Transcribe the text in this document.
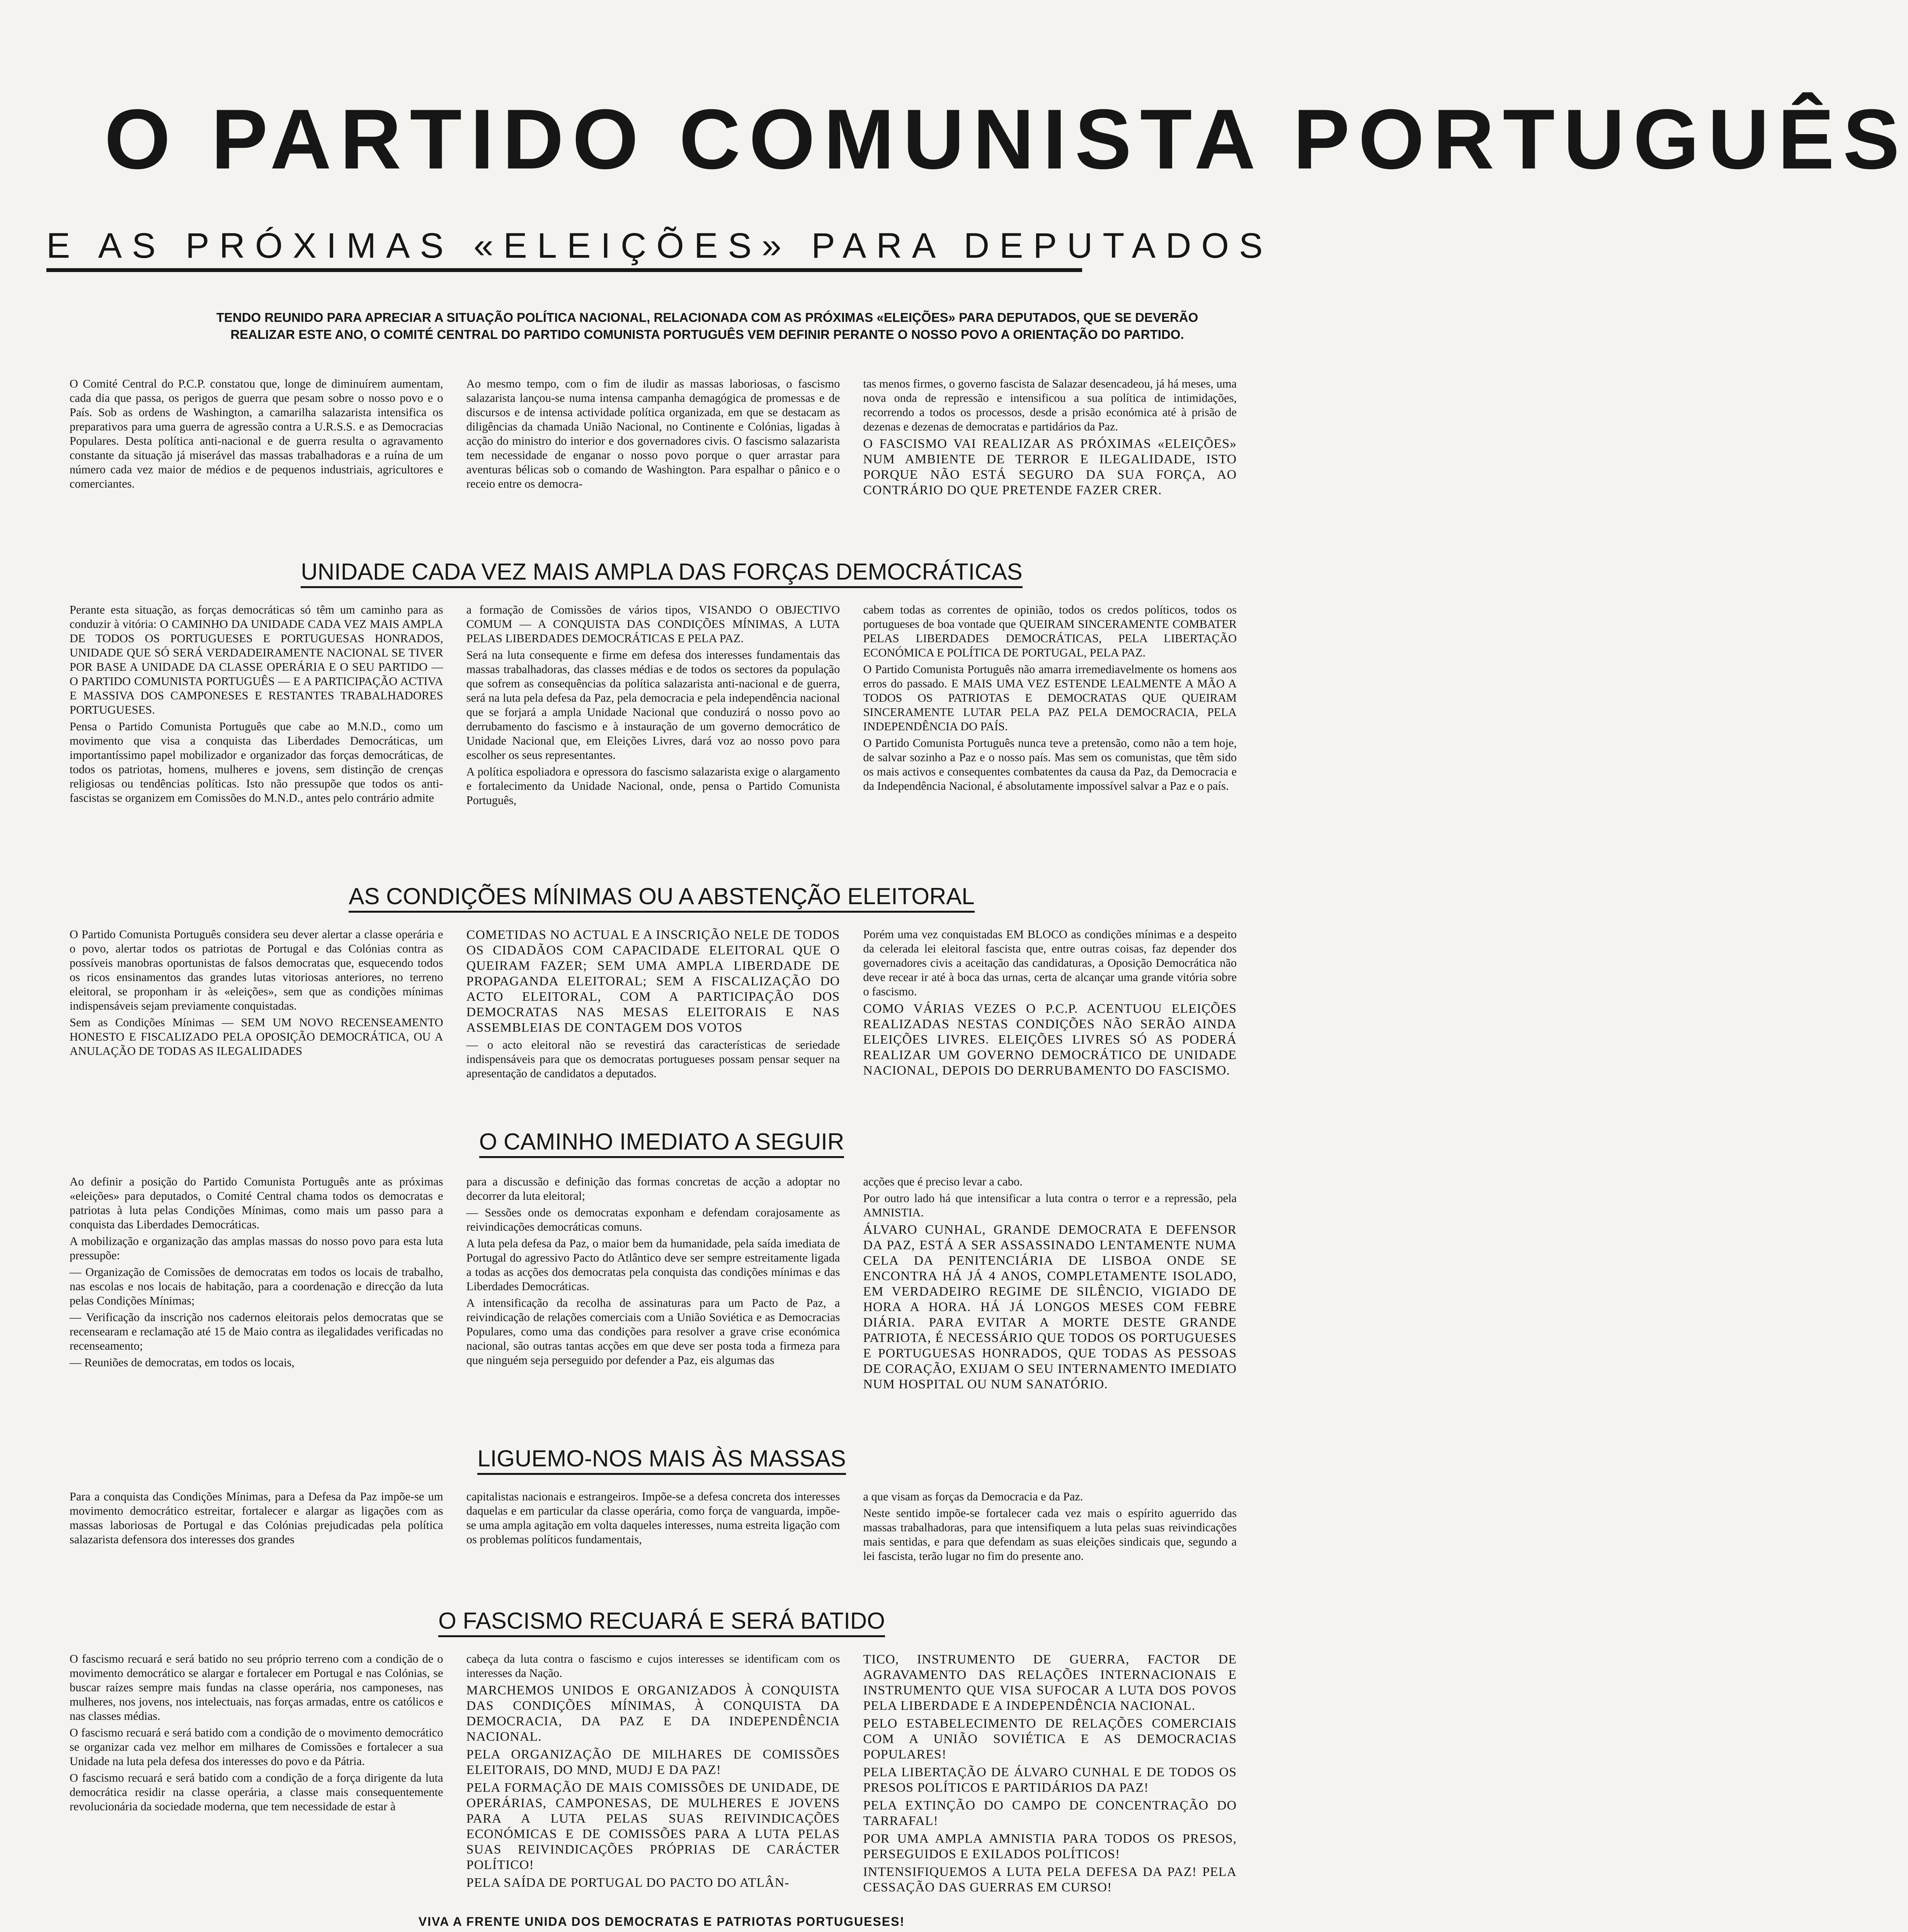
O PARTIDO COMUNISTA PORTUGUÊS
E AS PRÓXIMAS «ELEIÇÕES» PARA DEPUTADOS
TENDO REUNIDO PARA APRECIAR A SITUAÇÃO POLÍTICA NACIONAL, RELACIONADA COM AS PRÓXIMAS «ELEIÇÕES» PARA DEPUTADOS, QUE SE DEVERÃO REALIZAR ESTE ANO, O COMITÉ CENTRAL DO PARTIDO COMUNISTA PORTUGUÊS VEM DEFINIR PERANTE O NOSSO POVO A ORIENTAÇÃO DO PARTIDO.

O Comité Central do P.C.P. constatou que, longe de diminuírem aumentam, cada dia que passa, os perigos de guerra que pesam sobre o nosso povo e o País. Sob as ordens de Washington, a camarilha salazarista intensifica os preparativos para uma guerra de agressão contra a U.R.S.S. e as Democracias Populares. Desta política anti-nacional e de guerra resulta o agravamento constante da situação já miserável das massas trabalhadoras e a ruína de um número cada vez maior de médios e de pequenos industriais, agricultores e comerciantes.

Ao mesmo tempo, com o fim de iludir as massas laboriosas, o fascismo salazarista lançou-se numa intensa campanha demagógica de promessas e de discursos e de intensa actividade política organizada, em que se destacam as diligências da chamada União Nacional, no Continente e Colónias, ligadas à acção do ministro do interior e dos governadores civis. O fascismo salazarista tem necessidade de enganar o nosso povo porque o quer arrastar para aventuras bélicas sob o comando de Washington. Para espalhar o pânico e o receio entre os democra-

tas menos firmes, o governo fascista de Salazar desencadeou, já há meses, uma nova onda de repressão e intensificou a sua política de intimidações, recorrendo a todos os processos, desde a prisão económica até à prisão de dezenas e dezenas de democratas e partidários da Paz.

O FASCISMO VAI REALIZAR AS PRÓXIMAS «ELEIÇÕES» NUM AMBIENTE DE TERROR E ILEGALIDADE, ISTO PORQUE NÃO ESTÁ SEGURO DA SUA FORÇA, AO CONTRÁRIO DO QUE PRETENDE FAZER CRER.

UNIDADE CADA VEZ MAIS AMPLA DAS FORÇAS DEMOCRÁTICAS

Perante esta situação, as forças democráticas só têm um caminho para as conduzir à vitória: O CAMINHO DA UNIDADE CADA VEZ MAIS AMPLA DE TODOS OS PORTUGUESES E PORTUGUESAS HONRADOS, UNIDADE QUE SÓ SERÁ VERDADEIRAMENTE NACIONAL SE TIVER POR BASE A UNIDADE DA CLASSE OPERÁRIA E O SEU PARTIDO — O PARTIDO COMUNISTA PORTUGUÊS — E A PARTICIPAÇÃO ACTIVA E MASSIVA DOS CAMPONESES E RESTANTES TRABALHADORES PORTUGUESES.

Pensa o Partido Comunista Português que cabe ao M.N.D., como um movimento que visa a conquista das Liberdades Democráticas, um importantíssimo papel mobilizador e organizador das forças democráticas, de todos os patriotas, homens, mulheres e jovens, sem distinção de crenças religiosas ou tendências políticas. Isto não pressupõe que todos os anti-fascistas se organizem em Comissões do M.N.D., antes pelo contrário admite

a formação de Comissões de vários tipos, VISANDO O OBJECTIVO COMUM — A CONQUISTA DAS CONDIÇÕES MÍNIMAS, A LUTA PELAS LIBERDADES DEMOCRÁTICAS E PELA PAZ.

Será na luta consequente e firme em defesa dos interesses fundamentais das massas trabalhadoras, das classes médias e de todos os sectores da população que sofrem as consequências da política salazarista anti-nacional e de guerra, será na luta pela defesa da Paz, pela democracia e pela independência nacional que se forjará a ampla Unidade Nacional que conduzirá o nosso povo ao derrubamento do fascismo e à instauração de um governo democrático de Unidade Nacional que, em Eleições Livres, dará voz ao nosso povo para escolher os seus representantes.

A política espoliadora e opressora do fascismo salazarista exige o alargamento e fortalecimento da Unidade Nacional, onde, pensa o Partido Comunista Português,

cabem todas as correntes de opinião, todos os credos políticos, todos os portugueses de boa vontade que QUEIRAM SINCERAMENTE COMBATER PELAS LIBERDADES DEMOCRÁTICAS, PELA LIBERTAÇÃO ECONÓMICA E POLÍTICA DE PORTUGAL, PELA PAZ.

O Partido Comunista Português não amarra irremediavelmente os homens aos erros do passado. E MAIS UMA VEZ ESTENDE LEALMENTE A MÃO A TODOS OS PATRIOTAS E DEMOCRATAS QUE QUEIRAM SINCERAMENTE LUTAR PELA PAZ PELA DEMOCRACIA, PELA INDEPENDÊNCIA DO PAÍS.

O Partido Comunista Português nunca teve a pretensão, como não a tem hoje, de salvar sozinho a Paz e o nosso país. Mas sem os comunistas, que têm sido os mais activos e consequentes combatentes da causa da Paz, da Democracia e da Independência Nacional, é absolutamente impossível salvar a Paz e o país.

AS CONDIÇÕES MÍNIMAS OU A ABSTENÇÃO ELEITORAL

O Partido Comunista Português considera seu dever alertar a classe operária e o povo, alertar todos os patriotas de Portugal e das Colónias contra as possíveis manobras oportunistas de falsos democratas que, esquecendo todos os ricos ensinamentos das grandes lutas vitoriosas anteriores, no terreno eleitoral, se proponham ir às «eleições», sem que as condições mínimas indispensáveis sejam previamente conquistadas.

Sem as Condições Mínimas — SEM UM NOVO RECENSEAMENTO HONESTO E FISCALIZADO PELA OPOSIÇÃO DEMOCRÁTICA, OU A ANULAÇÃO DE TODAS AS ILEGALIDADES

COMETIDAS NO ACTUAL E A INSCRIÇÃO NELE DE TODOS OS CIDADÃOS COM CAPACIDADE ELEITORAL QUE O QUEIRAM FAZER; SEM UMA AMPLA LIBERDADE DE PROPAGANDA ELEITORAL; SEM A FISCALIZAÇÃO DO ACTO ELEITORAL, COM A PARTICIPAÇÃO DOS DEMOCRATAS NAS MESAS ELEITORAIS E NAS ASSEMBLEIAS DE CONTAGEM DOS VOTOS

— o acto eleitoral não se revestirá das características de seriedade indispensáveis para que os democratas portugueses possam pensar sequer na apresentação de candidatos a deputados.

Porém uma vez conquistadas EM BLOCO as condições mínimas e a despeito da celerada lei eleitoral fascista que, entre outras coisas, faz depender dos governadores civis a aceitação das candidaturas, a Oposição Democrática não deve recear ir até à boca das urnas, certa de alcançar uma grande vitória sobre o fascismo.

COMO VÁRIAS VEZES O P.C.P. ACENTUOU ELEIÇÕES REALIZADAS NESTAS CONDIÇÕES NÃO SERÃO AINDA ELEIÇÕES LIVRES. ELEIÇÕES LIVRES SÓ AS PODERÁ REALIZAR UM GOVERNO DEMOCRÁTICO DE UNIDADE NACIONAL, DEPOIS DO DERRUBAMENTO DO FASCISMO.

O CAMINHO IMEDIATO A SEGUIR

Ao definir a posição do Partido Comunista Português ante as próximas «eleições» para deputados, o Comité Central chama todos os democratas e patriotas à luta pelas Condições Mínimas, como mais um passo para a conquista das Liberdades Democráticas.

A mobilização e organização das amplas massas do nosso povo para esta luta pressupõe:

— Organização de Comissões de democratas em todos os locais de trabalho, nas escolas e nos locais de habitação, para a coordenação e direcção da luta pelas Condições Mínimas;

— Verificação da inscrição nos cadernos eleitorais pelos democratas que se recensearam e reclamação até 15 de Maio contra as ilegalidades verificadas no recenseamento;

— Reuniões de democratas, em todos os locais,

para a discussão e definição das formas concretas de acção a adoptar no decorrer da luta eleitoral;

— Sessões onde os democratas exponham e defendam corajosamente as reivindicações democráticas comuns.

A luta pela defesa da Paz, o maior bem da humanidade, pela saída imediata de Portugal do agressivo Pacto do Atlântico deve ser sempre estreitamente ligada a todas as acções dos democratas pela conquista das condições mínimas e das Liberdades Democráticas.

A intensificação da recolha de assinaturas para um Pacto de Paz, a reivindicação de relações comerciais com a União Soviética e as Democracias Populares, como uma das condições para resolver a grave crise económica nacional, são outras tantas acções em que deve ser posta toda a firmeza para que ninguém seja perseguido por defender a Paz, eis algumas das

acções que é preciso levar a cabo.

Por outro lado há que intensificar a luta contra o terror e a repressão, pela AMNISTIA.

ÁLVARO CUNHAL, GRANDE DEMOCRATA E DEFENSOR DA PAZ, ESTÁ A SER ASSASSINADO LENTAMENTE NUMA CELA DA PENITENCIÁRIA DE LISBOA ONDE SE ENCONTRA HÁ JÁ 4 ANOS, COMPLETAMENTE ISOLADO, EM VERDADEIRO REGIME DE SILÊNCIO, VIGIADO DE HORA A HORA. HÁ JÁ LONGOS MESES COM FEBRE DIÁRIA. PARA EVITAR A MORTE DESTE GRANDE PATRIOTA, É NECESSÁRIO QUE TODOS OS PORTUGUESES E PORTUGUESAS HONRADOS, QUE TODAS AS PESSOAS DE CORAÇÃO, EXIJAM O SEU INTERNAMENTO IMEDIATO NUM HOSPITAL OU NUM SANATÓRIO.

LIGUEMO-NOS MAIS ÀS MASSAS

Para a conquista das Condições Mínimas, para a Defesa da Paz impõe-se um movimento democrático estreitar, fortalecer e alargar as ligações com as massas laboriosas de Portugal e das Colónias prejudicadas pela política salazarista defensora dos interesses dos grandes

capitalistas nacionais e estrangeiros. Impõe-se a defesa concreta dos interesses daquelas e em particular da classe operária, como força de vanguarda, impõe-se uma ampla agitação em volta daqueles interesses, numa estreita ligação com os problemas políticos fundamentais,

a que visam as forças da Democracia e da Paz.

Neste sentido impõe-se fortalecer cada vez mais o espírito aguerrido das massas trabalhadoras, para que intensifiquem a luta pelas suas reivindicações mais sentidas, e para que defendam as suas eleições sindicais que, segundo a lei fascista, terão lugar no fim do presente ano.

O FASCISMO RECUARÁ E SERÁ BATIDO

O fascismo recuará e será batido no seu próprio terreno com a condição de o movimento democrático se alargar e fortalecer em Portugal e nas Colónias, se buscar raízes sempre mais fundas na classe operária, nos camponeses, nas mulheres, nos jovens, nos intelectuais, nas forças armadas, entre os católicos e nas classes médias.

O fascismo recuará e será batido com a condição de o movimento democrático se organizar cada vez melhor em milhares de Comissões e fortalecer a sua Unidade na luta pela defesa dos interesses do povo e da Pátria.

O fascismo recuará e será batido com a condição de a força dirigente da luta democrática residir na classe operária, a classe mais consequentemente revolucionária da sociedade moderna, que tem necessidade de estar à

cabeça da luta contra o fascismo e cujos interesses se identificam com os interesses da Nação.

MARCHEMOS UNIDOS E ORGANIZADOS À CONQUISTA DAS CONDIÇÕES MÍNIMAS, À CONQUISTA DA DEMOCRACIA, DA PAZ E DA INDEPENDÊNCIA NACIONAL.

PELA ORGANIZAÇÃO DE MILHARES DE COMISSÕES ELEITORAIS, DO MND, MUDJ E DA PAZ!

PELA FORMAÇÃO DE MAIS COMISSÕES DE UNIDADE, DE OPERÁRIAS, CAMPONESAS, DE MULHERES E JOVENS PARA A LUTA PELAS SUAS REIVINDICAÇÕES ECONÓMICAS E DE COMISSÕES PARA A LUTA PELAS SUAS REIVINDICAÇÕES PRÓPRIAS DE CARÁCTER POLÍTICO!

PELA SAÍDA DE PORTUGAL DO PACTO DO ATLÂN-

TICO, INSTRUMENTO DE GUERRA, FACTOR DE AGRAVAMENTO DAS RELAÇÕES INTERNACIONAIS E INSTRUMENTO QUE VISA SUFOCAR A LUTA DOS POVOS PELA LIBERDADE E A INDEPENDÊNCIA NACIONAL.

PELO ESTABELECIMENTO DE RELAÇÕES COMERCIAIS COM A UNIÃO SOVIÉTICA E AS DEMOCRACIAS POPULARES!

PELA LIBERTAÇÃO DE ÁLVARO CUNHAL E DE TODOS OS PRESOS POLÍTICOS E PARTIDÁRIOS DA PAZ!

PELA EXTINÇÃO DO CAMPO DE CONCENTRAÇÃO DO TARRAFAL!

POR UMA AMPLA AMNISTIA PARA TODOS OS PRESOS, PERSEGUIDOS E EXILADOS POLÍTICOS!

INTENSIFIQUEMOS A LUTA PELA DEFESA DA PAZ! PELA CESSAÇÃO DAS GUERRAS EM CURSO!

VIVA A FRENTE UNIDA DOS DEMOCRATAS E PATRIOTAS PORTUGUESES!
